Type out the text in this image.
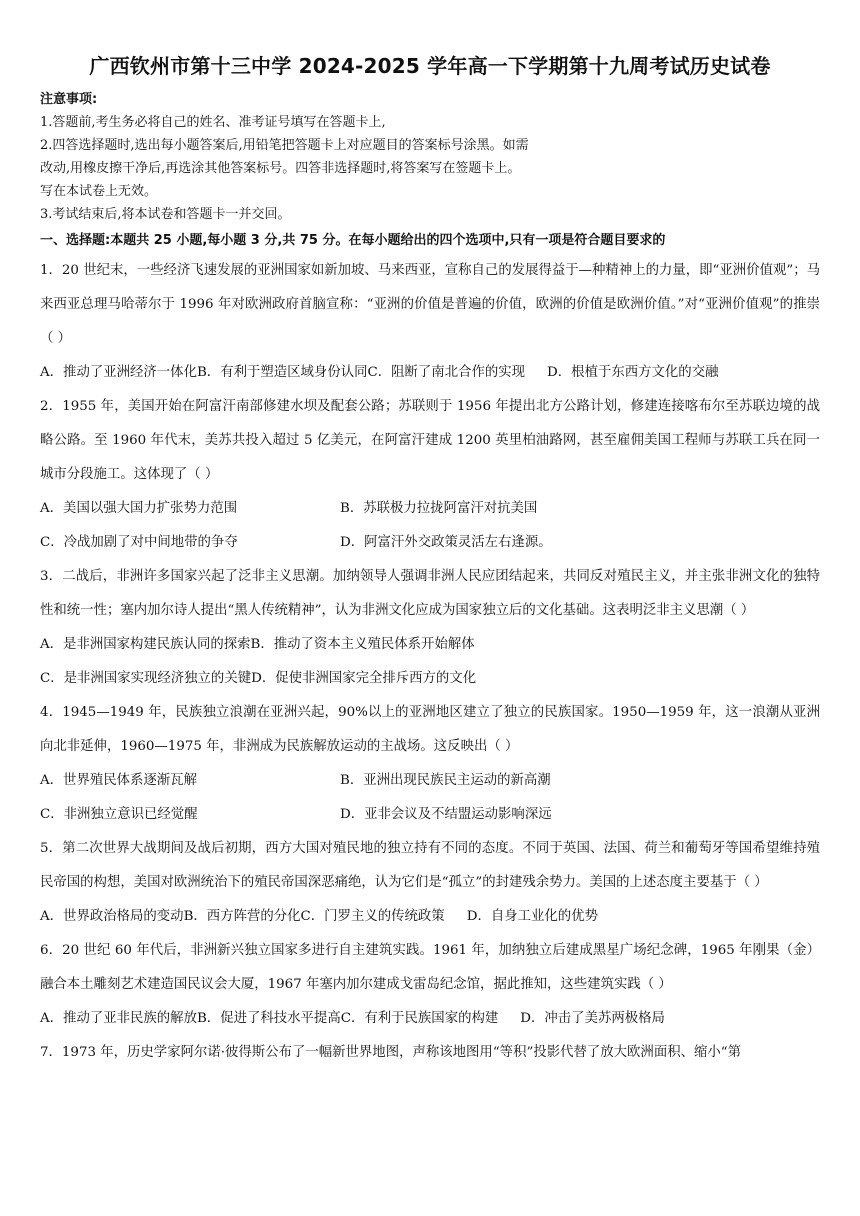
广西钦州市第十三中学 2024-2025 学年高一下学期第十九周考试历史试卷
注意事项:
1.答题前,考生务必将自己的姓名、准考证号填写在答题卡上,
2.四答选择题时,选出每小题答案后,用铅笔把答题卡上对应题目的答案标号涂黑。如需
改动,用橡皮擦干净后,再选涂其他答案标号。四答非选择题时,将答案写在签题卡上。
写在本试卷上无效。
3.考试结束后,将本试卷和答题卡一并交回。
一、选择题:本题共 25 小题,每小题 3 分,共 75 分。在每小题给出的四个选项中,只有一项是符合题目要求的
1．20 世纪末，一些经济飞速发展的亚洲国家如新加坡、马来西亚，宣称自己的发展得益于—种精神上的力量，即“亚洲价值观”；马来西亚总理马哈蒂尔于 1996 年对欧洲政府首脑宣称：“亚洲的价值是普遍的价值，欧洲的价值是欧洲价值。”对“亚洲价值观”的推崇（ ）
A．推动了亚洲经济一体化 B．有利于塑造区域身份认同 C．阻断了南北合作的实现 D．根植于东西方文化的交融
2．1955 年，美国开始在阿富汗南部修建水坝及配套公路；苏联则于 1956 年提出北方公路计划，修建连接喀布尔至苏联边境的战略公路。至 1960 年代末，美苏共投入超过 5 亿美元，在阿富汗建成 1200 英里柏油路网，甚至雇佣美国工程师与苏联工兵在同一城市分段施工。这体现了（ ）
A．美国以强大国力扩张势力范围	B．苏联极力拉拢阿富汗对抗美国
C．冷战加剧了对中间地带的争夺	D．阿富汗外交政策灵活左右逢源。
3．二战后，非洲许多国家兴起了泛非主义思潮。加纳领导人强调非洲人民应团结起来，共同反对殖民主义，并主张非洲文化的独特性和统一性；塞内加尔诗人提出“黑人传统精神”，认为非洲文化应成为国家独立后的文化基础。这表明泛非主义思潮（ ）
A．是非洲国家构建民族认同的探索 B．推动了资本主义殖民体系开始解体
C．是非洲国家实现经济独立的关键 D．促使非洲国家完全排斥西方的文化
4．1945—1949 年，民族独立浪潮在亚洲兴起，90%以上的亚洲地区建立了独立的民族国家。1950—1959 年，这一浪潮从亚洲向北非延伸，1960—1975 年，非洲成为民族解放运动的主战场。这反映出（ ）
A．世界殖民体系逐渐瓦解	B．亚洲出现民族民主运动的新高潮
C．非洲独立意识已经觉醒	D．亚非会议及不结盟运动影响深远
5．第二次世界大战期间及战后初期，西方大国对殖民地的独立持有不同的态度。不同于英国、法国、荷兰和葡萄牙等国希望维持殖民帝国的构想，美国对欧洲统治下的殖民帝国深恶痛绝，认为它们是“孤立”的封建残余势力。美国的上述态度主要基于（ ）
A．世界政治格局的变动 B．西方阵营的分化 C．门罗主义的传统政策 D．自身工业化的优势
6．20 世纪 60 年代后，非洲新兴独立国家多进行自主建筑实践。1961 年，加纳独立后建成黑星广场纪念碑，1965 年刚果（金）融合本土雕刻艺术建造国民议会大厦，1967 年塞内加尔建成戈雷岛纪念馆，据此推知，这些建筑实践（ ）
A．推动了亚非民族的解放 B．促进了科技水平提高 C．有利于民族国家的构建 D．冲击了美苏两极格局
7．1973 年，历史学家阿尔诺·彼得斯公布了一幅新世界地图，声称该地图用“等积”投影代替了放大欧洲面积、缩小“第
